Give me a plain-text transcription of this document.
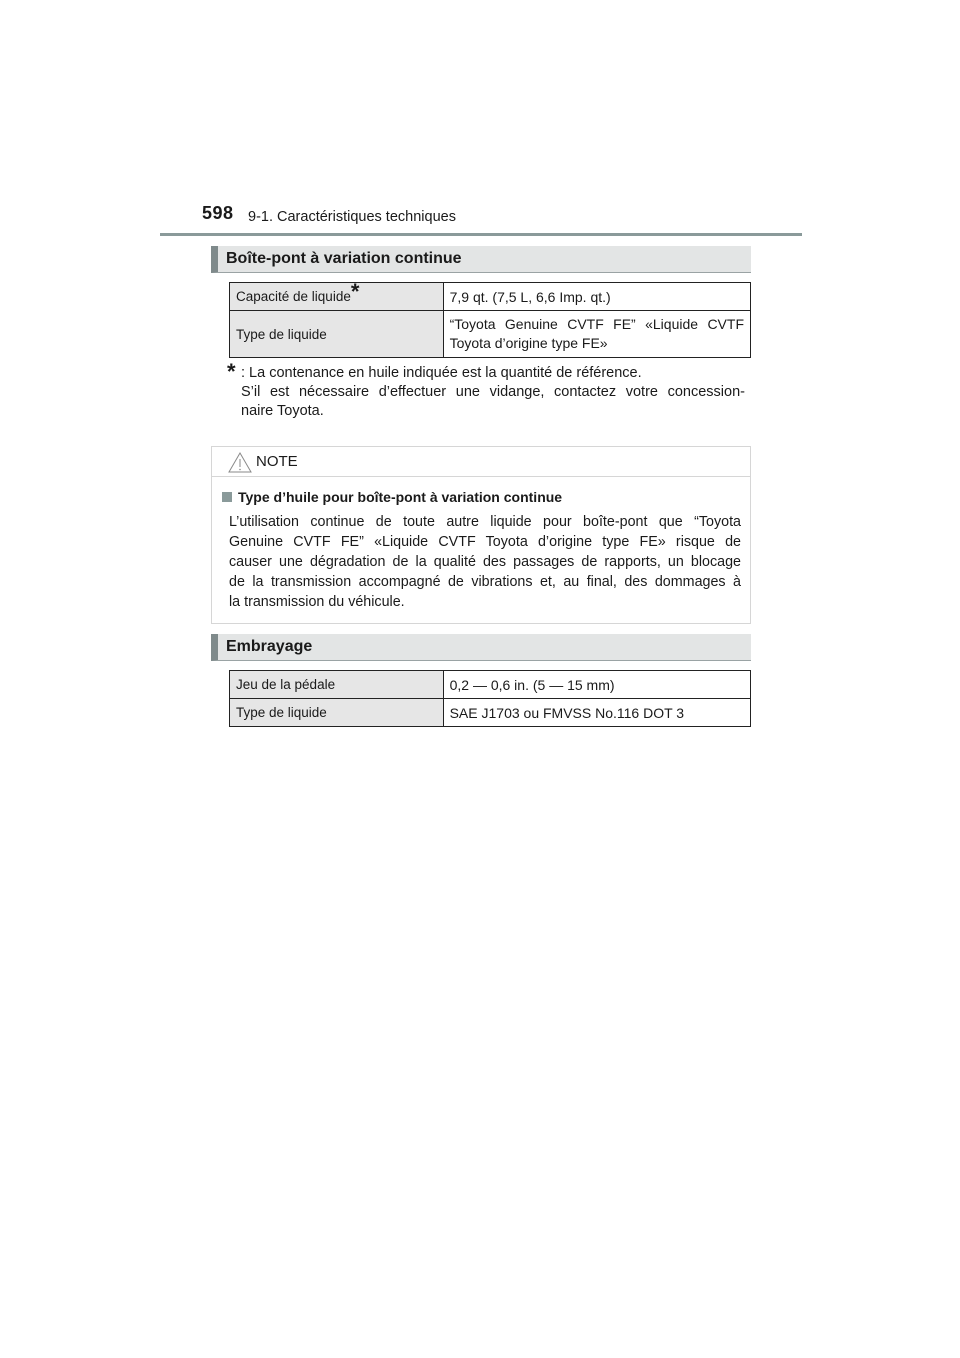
598 9-1. Caractéristiques techniques
Boîte-pont à variation continue
Capacité de liquide*	7,9 qt. (7,5 L, 6,6 Imp. qt.)
Type de liquide	“Toyota Genuine CVTF FE” «Liquide CVTF
Toyota d’origine type FE»
* : La contenance en huile indiquée est la quantité de référence.
S’il est nécessaire d’effectuer une vidange, contactez votre concession-
naire Toyota.
NOTE
Type d’huile pour boîte-pont à variation continue
L’utilisation continue de toute autre liquide pour boîte-pont que “Toyota
Genuine CVTF FE” «Liquide CVTF Toyota d’origine type FE» risque de
causer une dégradation de la qualité des passages de rapports, un blocage
de la transmission accompagné de vibrations et, au final, des dommages à
la transmission du véhicule.
Embrayage
Jeu de la pédale	0,2 — 0,6 in. (5 — 15 mm)
Type de liquide	SAE J1703 ou FMVSS No.116 DOT 3
